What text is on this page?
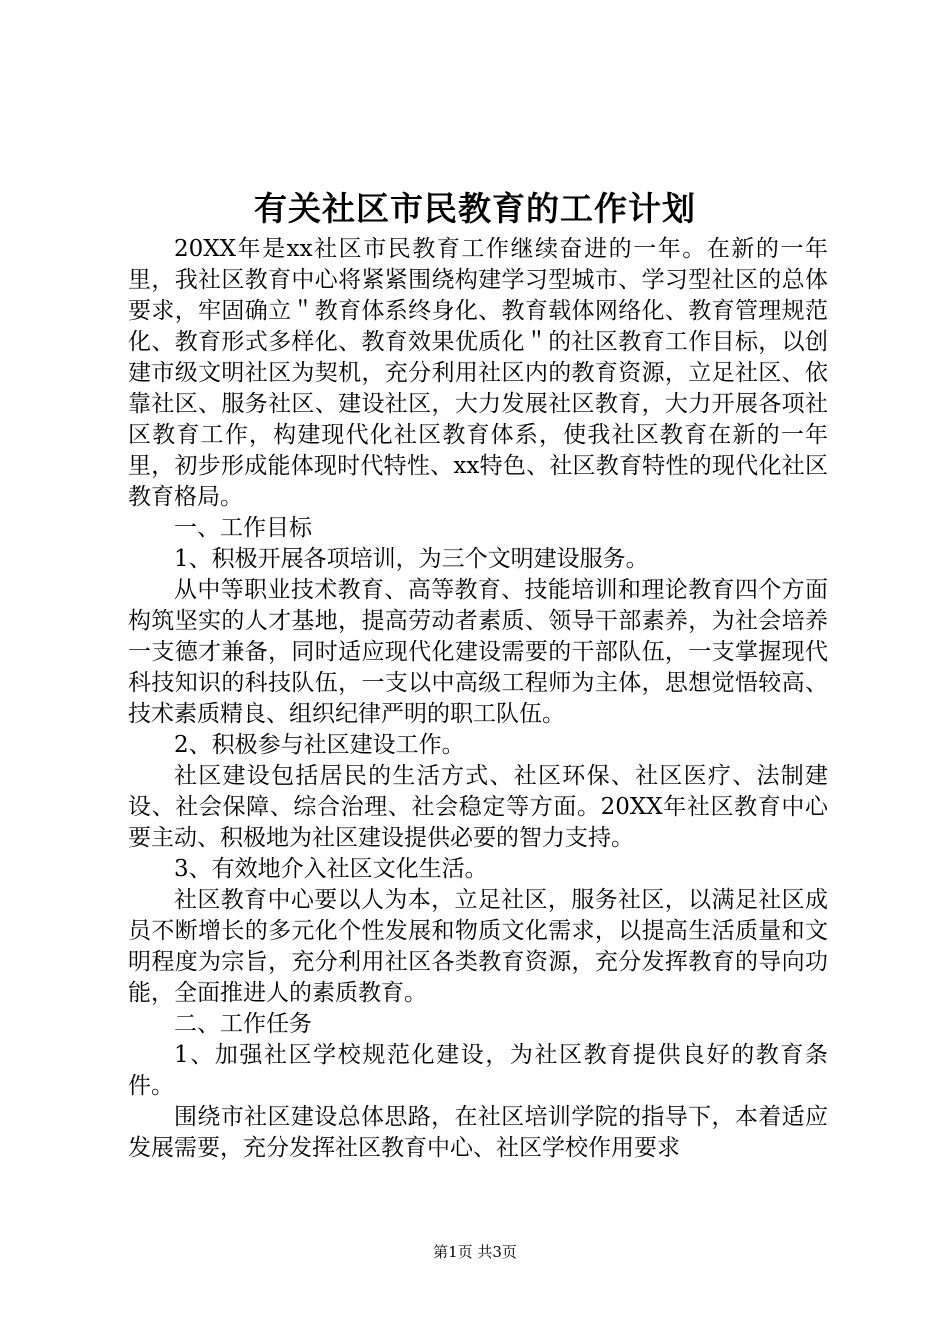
有关社区市民教育的工作计划

20XX年是xx社区市民教育工作继续奋进的一年。在新的一年里，我社区教育中心将紧紧围绕构建学习型城市、学习型社区的总体要求，牢固确立＂教育体系终身化、教育载体网络化、教育管理规范化、教育形式多样化、教育效果优质化＂的社区教育工作目标，以创建市级文明社区为契机，充分利用社区内的教育资源，立足社区、依靠社区、服务社区、建设社区，大力发展社区教育，大力开展各项社区教育工作，构建现代化社区教育体系，使我社区教育在新的一年里，初步形成能体现时代特性、xx特色、社区教育特性的现代化社区教育格局。

一、工作目标

1、积极开展各项培训，为三个文明建设服务。

从中等职业技术教育、高等教育、技能培训和理论教育四个方面构筑坚实的人才基地，提高劳动者素质、领导干部素养，为社会培养一支德才兼备，同时适应现代化建设需要的干部队伍，一支掌握现代科技知识的科技队伍，一支以中高级工程师为主体，思想觉悟较高、技术素质精良、组织纪律严明的职工队伍。

2、积极参与社区建设工作。

社区建设包括居民的生活方式、社区环保、社区医疗、法制建设、社会保障、综合治理、社会稳定等方面。20XX年社区教育中心要主动、积极地为社区建设提供必要的智力支持。

3、有效地介入社区文化生活。

社区教育中心要以人为本，立足社区，服务社区，以满足社区成员不断增长的多元化个性发展和物质文化需求，以提高生活质量和文明程度为宗旨，充分利用社区各类教育资源，充分发挥教育的导向功能，全面推进人的素质教育。

二、工作任务

1、加强社区学校规范化建设，为社区教育提供良好的教育条件。

围绕市社区建设总体思路，在社区培训学院的指导下，本着适应发展需要，充分发挥社区教育中心、社区学校作用要求

第1页 共3页
